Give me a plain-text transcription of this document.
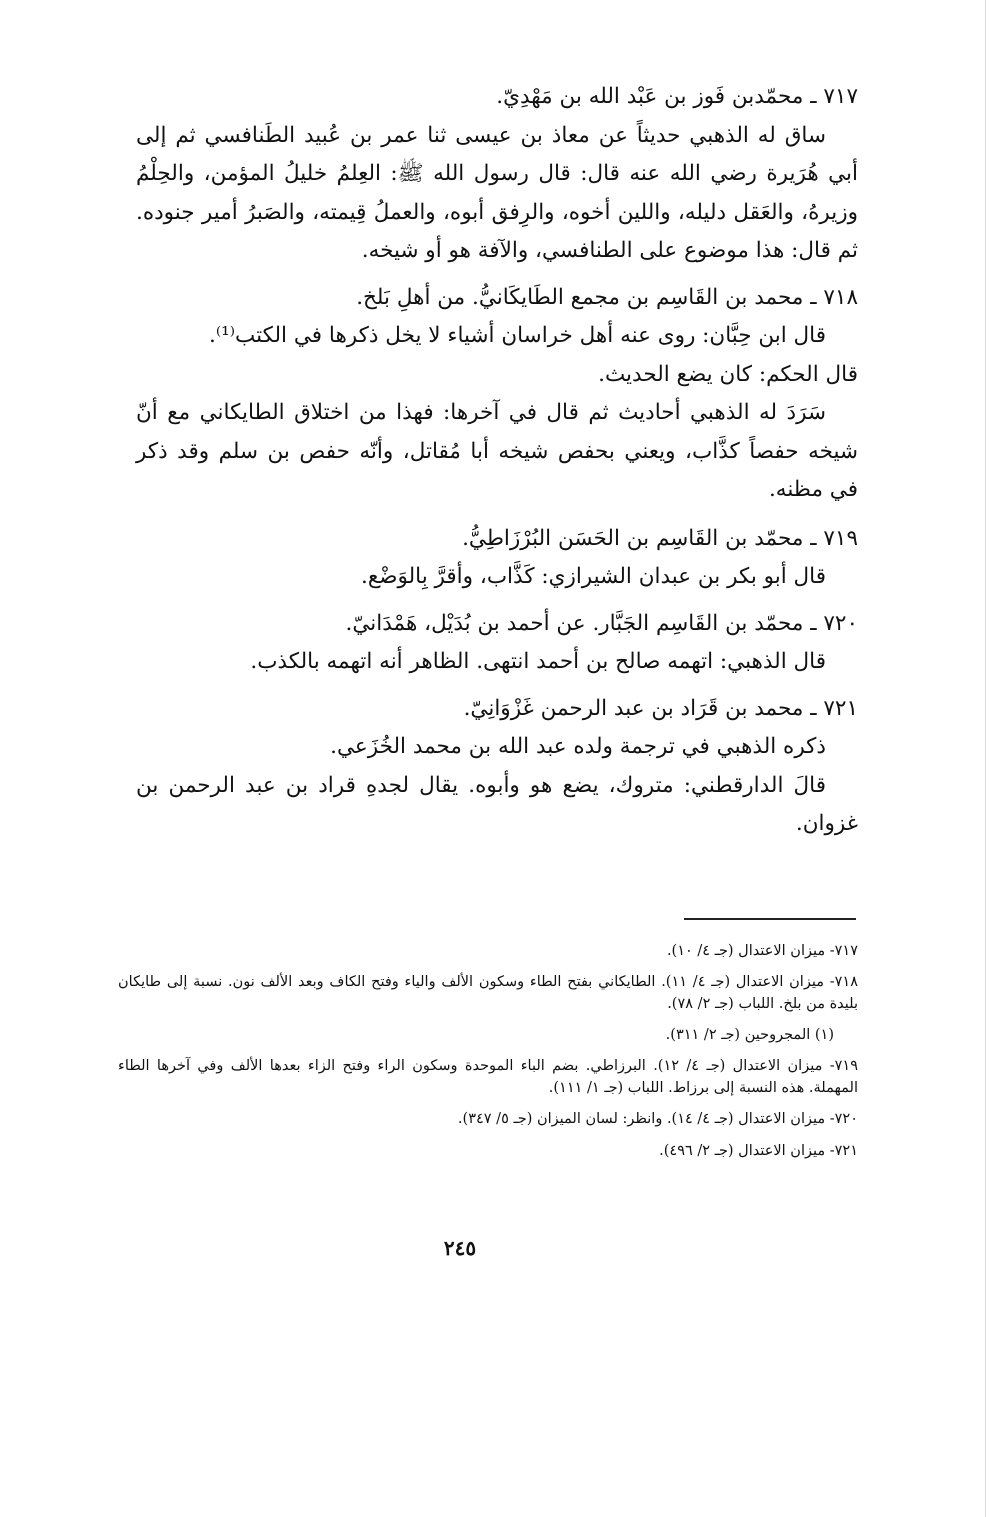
٧١٧ ـ محمّدبن فَوز بن عَبْد الله بن مَهْدِيّ.

ساق له الذهبي حديثاً عن معاذ بن عيسى ثنا عمر بن عُبيد الطَنافسي ثم إلى أبي هُرَيرة رضي الله عنه قال: قال رسول الله ﷺ: العِلمُ خليلُ المؤمن، والحِلْمُ وزيرهُ، والعَقل دليله، واللين أخوه، والرِفق أبوه، والعملُ قِيمته، والصَبرُ أمير جنوده. ثم قال: هذا موضوع على الطنافسي، والآفة هو أو شيخه.

٧١٨ ـ محمد بن القَاسِم بن مجمع الطَايكَانيُّ. من أهلِ بَلخ.

قال ابن حِبَّان: روى عنه أهل خراسان أشياء لا يخل ذكرها في الكتب⁽¹⁾.

قال الحكم: كان يضع الحديث.

سَرَدَ له الذهبي أحاديث ثم قال في آخرها: فهذا من اختلاق الطايكاني مع أنّ شيخه حفصاً كذَّاب، ويعني بحفص شيخه أبا مُقاتل، وأنّه حفص بن سلم وقد ذكر في مظنه.

٧١٩ ـ محمّد بن القَاسِم بن الحَسَن البُرْزَاطِيُّ.

قال أبو بكر بن عبدان الشيرازي: كَذَّاب، وأقرَّ بِالوَضْع.

٧٢٠ ـ محمّد بن القَاسِم الجَبَّار. عن أحمد بن بُدَيْل، هَمْدَانيّ.

قال الذهبي: اتهمه صالح بن أحمد انتهى. الظاهر أنه اتهمه بالكذب.

٧٢١ ـ محمد بن قَرَاد بن عبد الرحمن غَزْوَانِيّ.

ذكره الذهبي في ترجمة ولده عبد الله بن محمد الخُزَعي.

قالَ الدارقطني: متروك، يضع هو وأبوه. يقال لجدهِ قراد بن عبد الرحمن بن غزوان.

٧١٧- ميزان الاعتدال (جـ ٤/ ١٠).

٧١٨- ميزان الاعتدال (جـ ٤/ ١١). الطايكاني بفتح الطاء وسكون الألف والياء وفتح الكاف وبعد الألف نون. نسبة إلى طايكان بليدة من بلخ. اللباب (جـ ٢/ ٧٨).

(١) المجروحين (جـ ٢/ ٣١١).

٧١٩- ميزان الاعتدال (جـ ٤/ ١٢). البرزاطي. بضم الباء الموحدة وسكون الراء وفتح الزاء بعدها الألف وفي آخرها الطاء المهملة. هذه النسبة إلى برزاط. اللباب (جـ ١/ ١١١).

٧٢٠- ميزان الاعتدال (جـ ٤/ ١٤). وانظر: لسان الميزان (جـ ٥/ ٣٤٧).

٧٢١- ميزان الاعتدال (جـ ٢/ ٤٩٦).

٢٤٥
